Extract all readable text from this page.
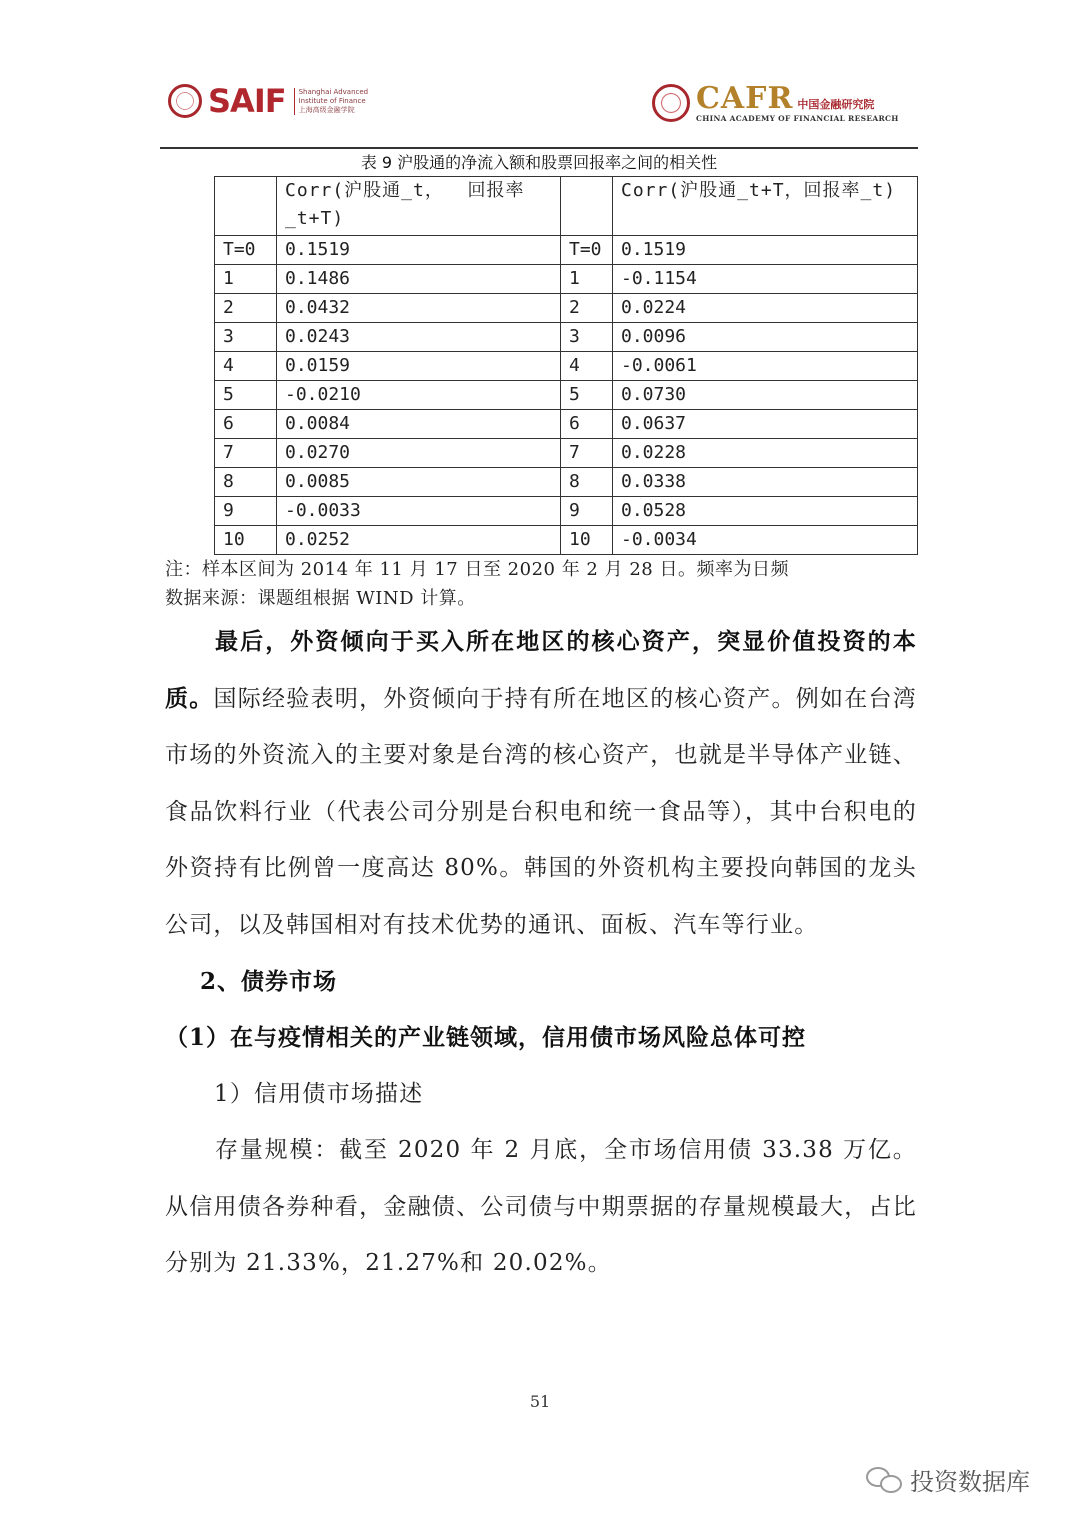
SAIF Shanghai Advanced
Institute of Finance
上海高级金融学院	CAFR 中国金融研究院
CHINA ACADEMY OF FINANCIAL RESEARCH
表 9 沪股通的净流入额和股票回报率之间的相关性

	Corr(沪股通_t，  回报率
_t+T)		Corr(沪股通_t+T，回报率_t)

T=0	0.1519	T=0	0.1519
1	0.1486	1	-0.1154
2	0.0432	2	0.0224
3	0.0243	3	0.0096
4	0.0159	4	-0.0061
5	-0.0210	5	0.0730
6	0.0084	6	0.0637
7	0.0270	7	0.0228
8	0.0085	8	0.0338
9	-0.0033	9	0.0528
10	0.0252	10	-0.0034
注：样本区间为 2014 年 11 月 17 日至 2020 年 2 月 28 日。频率为日频
数据来源：课题组根据 WIND 计算。
最后，外资倾向于买入所在地区的核心资产，突显价值投资的本质。国际经验表明，外资倾向于持有所在地区的核心资产。例如在台湾市场的外资流入的主要对象是台湾的核心资产，也就是半导体产业链、食品饮料行业（代表公司分别是台积电和统一食品等），其中台积电的外资持有比例曾一度高达 80%。韩国的外资机构主要投向韩国的龙头公司，以及韩国相对有技术优势的通讯、面板、汽车等行业。
2、债券市场
（1）在与疫情相关的产业链领域，信用债市场风险总体可控
1）信用债市场描述
存量规模：截至 2020 年 2 月底，全市场信用债 33.38 万亿。从信用债各券种看，金融债、公司债与中期票据的存量规模最大，占比分别为 21.33%，21.27%和 20.02%。
51
投资数据库
